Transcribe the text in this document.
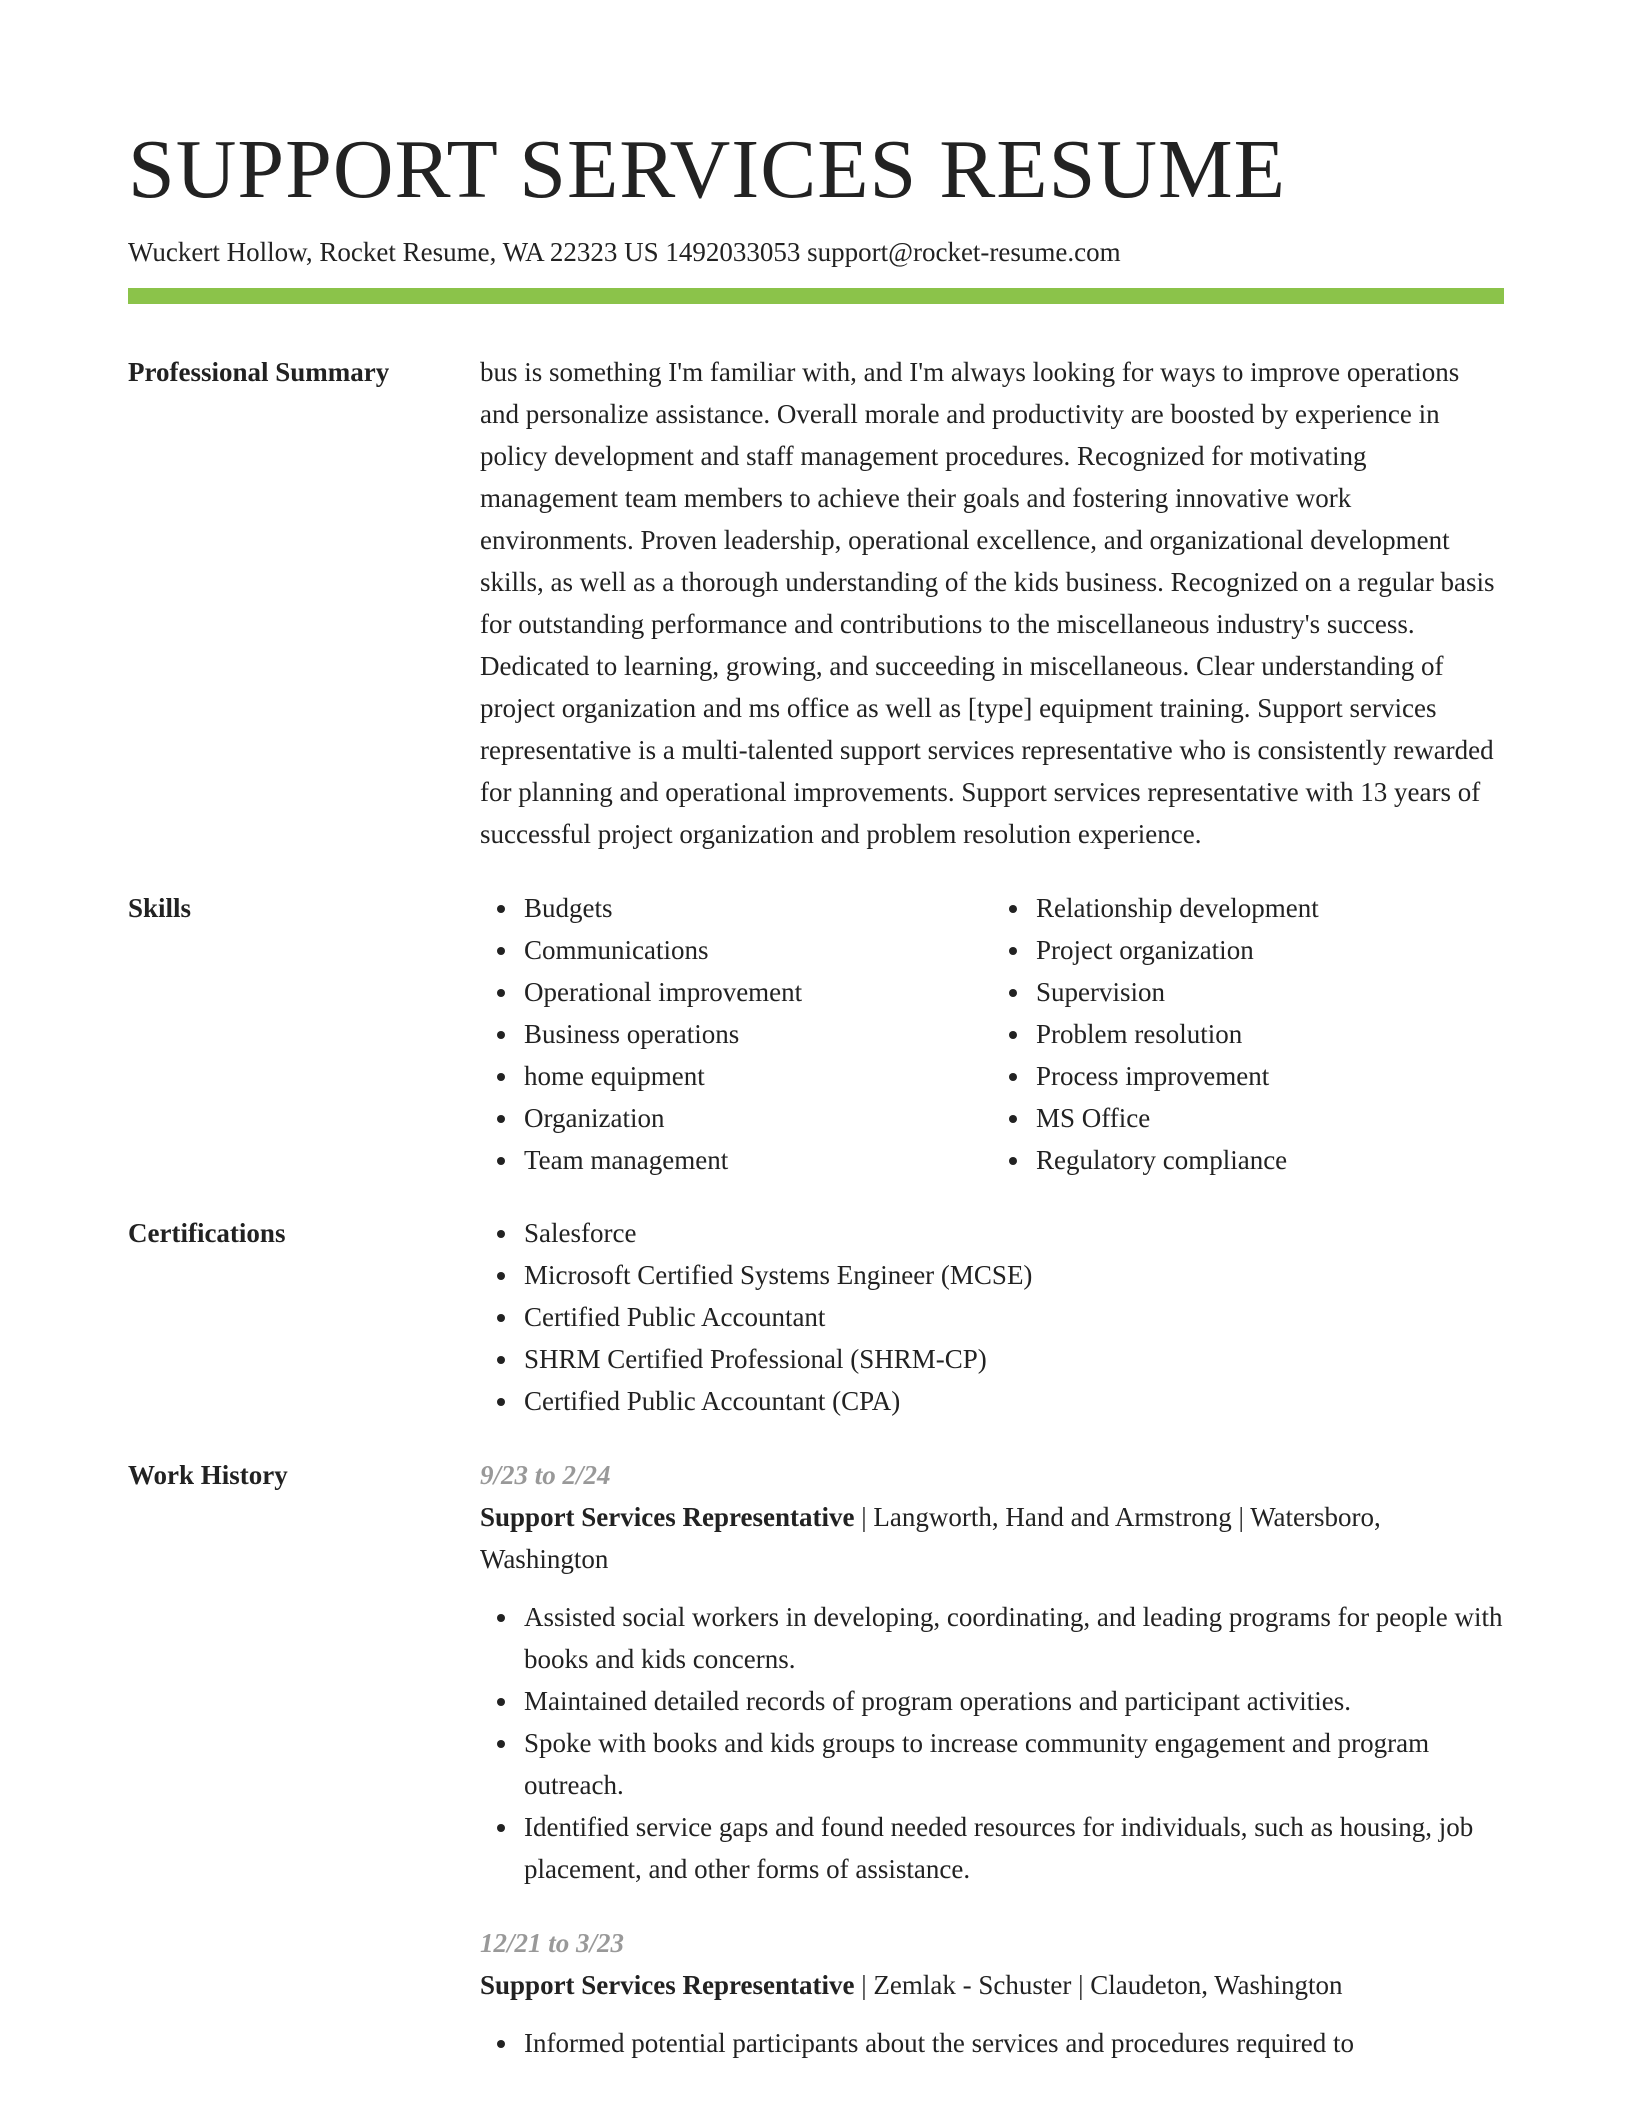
SUPPORT SERVICES RESUME
Wuckert Hollow, Rocket Resume, WA 22323 US 1492033053 support@rocket-resume.com
Professional Summary	bus is something I'm familiar with, and I'm always looking for ways to improve operations and personalize assistance. Overall morale and productivity are boosted by experience in policy development and staff management procedures. Recognized for motivating management team members to achieve their goals and fostering innovative work environments. Proven leadership, operational excellence, and organizational development skills, as well as a thorough understanding of the kids business. Recognized on a regular basis for outstanding performance and contributions to the miscellaneous industry's success. Dedicated to learning, growing, and succeeding in miscellaneous. Clear understanding of project organization and ms office as well as [type] equipment training. Support services representative is a multi-talented support services representative who is consistently rewarded for planning and operational improvements. Support services representative with 13 years of successful project organization and problem resolution experience.

Skills	Budgets
Communications
Operational improvement
Business operations
home equipment
Organization
Team management
Relationship development
Project organization
Supervision
Problem resolution
Process improvement
MS Office
Regulatory compliance
Certifications	Salesforce
Microsoft Certified Systems Engineer (MCSE)
Certified Public Accountant
SHRM Certified Professional (SHRM-CP)
Certified Public Accountant (CPA)
Work History	9/23 to 2/24
Support Services Representative | Langworth, Hand and Armstrong | Watersboro, Washington
Assisted social workers in developing, coordinating, and leading programs for people with books and kids concerns.
Maintained detailed records of program operations and participant activities.
Spoke with books and kids groups to increase community engagement and program outreach.
Identified service gaps and found needed resources for individuals, such as housing, job placement, and other forms of assistance.
12/21 to 3/23
Support Services Representative | Zemlak - Schuster | Claudeton, Washington
Informed potential participants about the services and procedures required to
